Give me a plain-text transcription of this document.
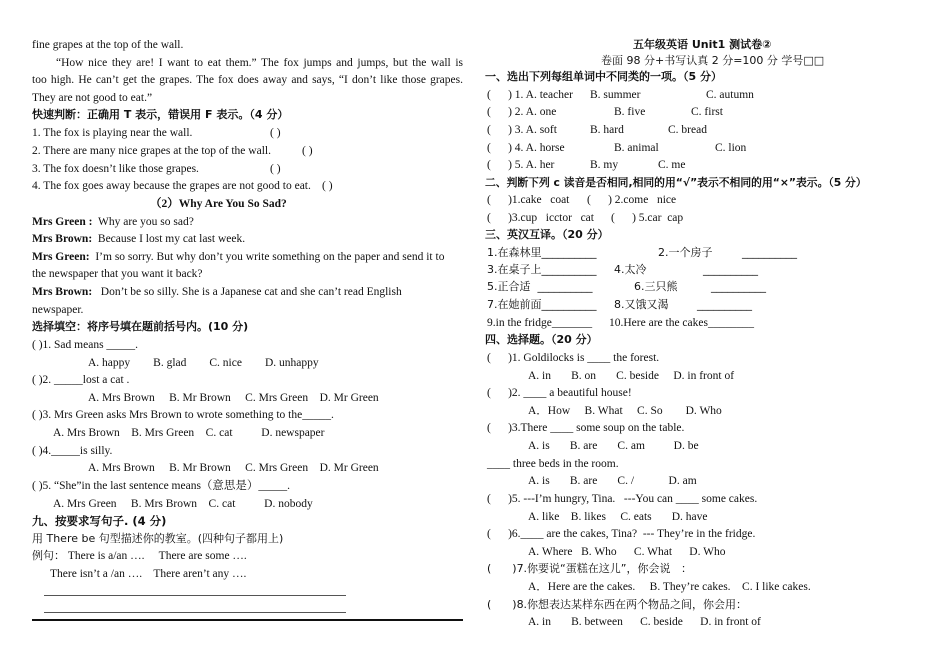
fine grapes at the top of the wall.
“How nice they are! I want to eat them.” The fox jumps and jumps, but the wall is
too high. He can’t get the grapes. The fox does away and says, “I don’t like those grapes.
They are not good to eat.”
快速判断：正确用 T 表示，错误用 F 表示。（4 分）
1. The fox is playing near the wall.	( )
2. There are many nice grapes at the top of the wall.	( )
3. The fox doesn’t like those grapes.	( )
4. The fox goes away because the grapes are not good to eat. ( )
（2）Why Are You So Sad?
Mrs Green : Why are you so sad?
Mrs Brown: Because I lost my cat last week.
Mrs Green: I’m so sorry. But why don’t you write something on the paper and send it to
the newspaper that you want it back?
Mrs Brown: Don’t be so silly. She is a Japanese cat and she can’t read English
newspaper.
选择填空：将序号填在题前括号内。(10 分)
( )1. Sad means _____.
A. happy        B. glad        C. nice        D. unhappy
( )2. _____lost a cat .
A. Mrs Brown     B. Mr Brown     C. Mrs Green    D. Mr Green
( )3. Mrs Green asks Mrs Brown to wrote something to the_____.
A. Mrs Brown    B. Mrs Green    C. cat          D. newspaper
( )4._____is silly.
A. Mrs Brown     B. Mr Brown     C. Mrs Green    D. Mr Green
( )5. “She”in the last sentence means（意思是）_____.
A. Mrs Green     B. Mrs Brown    C. cat          D. nobody
九、按要求写句子. (4 分)
用 There be 句型描述你的教室。(四种句子都用上)
例句： There is a/an ….     There are some ….
There isn’t a /an ….    There aren’t any ….
五年级英语 Unit1 测试卷②
卷面 98 分+书写认真 2 分=100 分 学号□□
一、选出下列每组单词中不同类的一项。（5 分）
(      ) 1. A. teacher B. summer	C. autumn
(      ) 2. A. one	B. five	C. first
(      ) 3. A. soft	B. hard	C. bread
(      ) 4. A. horse	B. animal	C. lion
(      ) 5. A. her	B. my	C. me
二、判断下列 c 读音是否相同,相同的用“√”表示不相同的用“×”表示。（5 分）
(      )1.cake   coat (      ) 2.come   nice
(      )3.cup   icctor   cat (      ) 5.car  cap
三、英汉互译。（20 分）
1.在森林里__________	2.一个房子	__________
3.在桌子上__________ 4.太冷	__________
5.正合适  __________	6.三只熊	__________
7.在她前面__________ 8.又饿又渴	__________
9.in the fridge_______ 10.Here are the cakes________
四、选择题。（20 分）
(      )1. Goldilocks is ____ the forest.
A. in       B. on       C. beside     D. in front of
(      )2. ____ a beautiful house!
A．How     B. What     C. So        D. Who
(      )3.There ____ some soup on the table.
A. is       B. are       C. am          D. be
____ three beds in the room.
A. is       B. are       C. /            D. am
(      )5. ---I’m hungry, Tina.   ---You can ____ some cakes.
A. like    B. likes     C. eats       D. have
(      )6.____ are the cakes, Tina?  --- They’re in the fridge.
A. Where   B. Who      C. What      D. Who
(      )7.你要说“蛋糕在这儿”，你会说   ：
A．Here are the cakes.     B. They’re cakes.    C. I like cakes.
(      )8.你想表达某样东西在两个物品之间，你会用：
A. in       B. between      C. beside      D. in front of
